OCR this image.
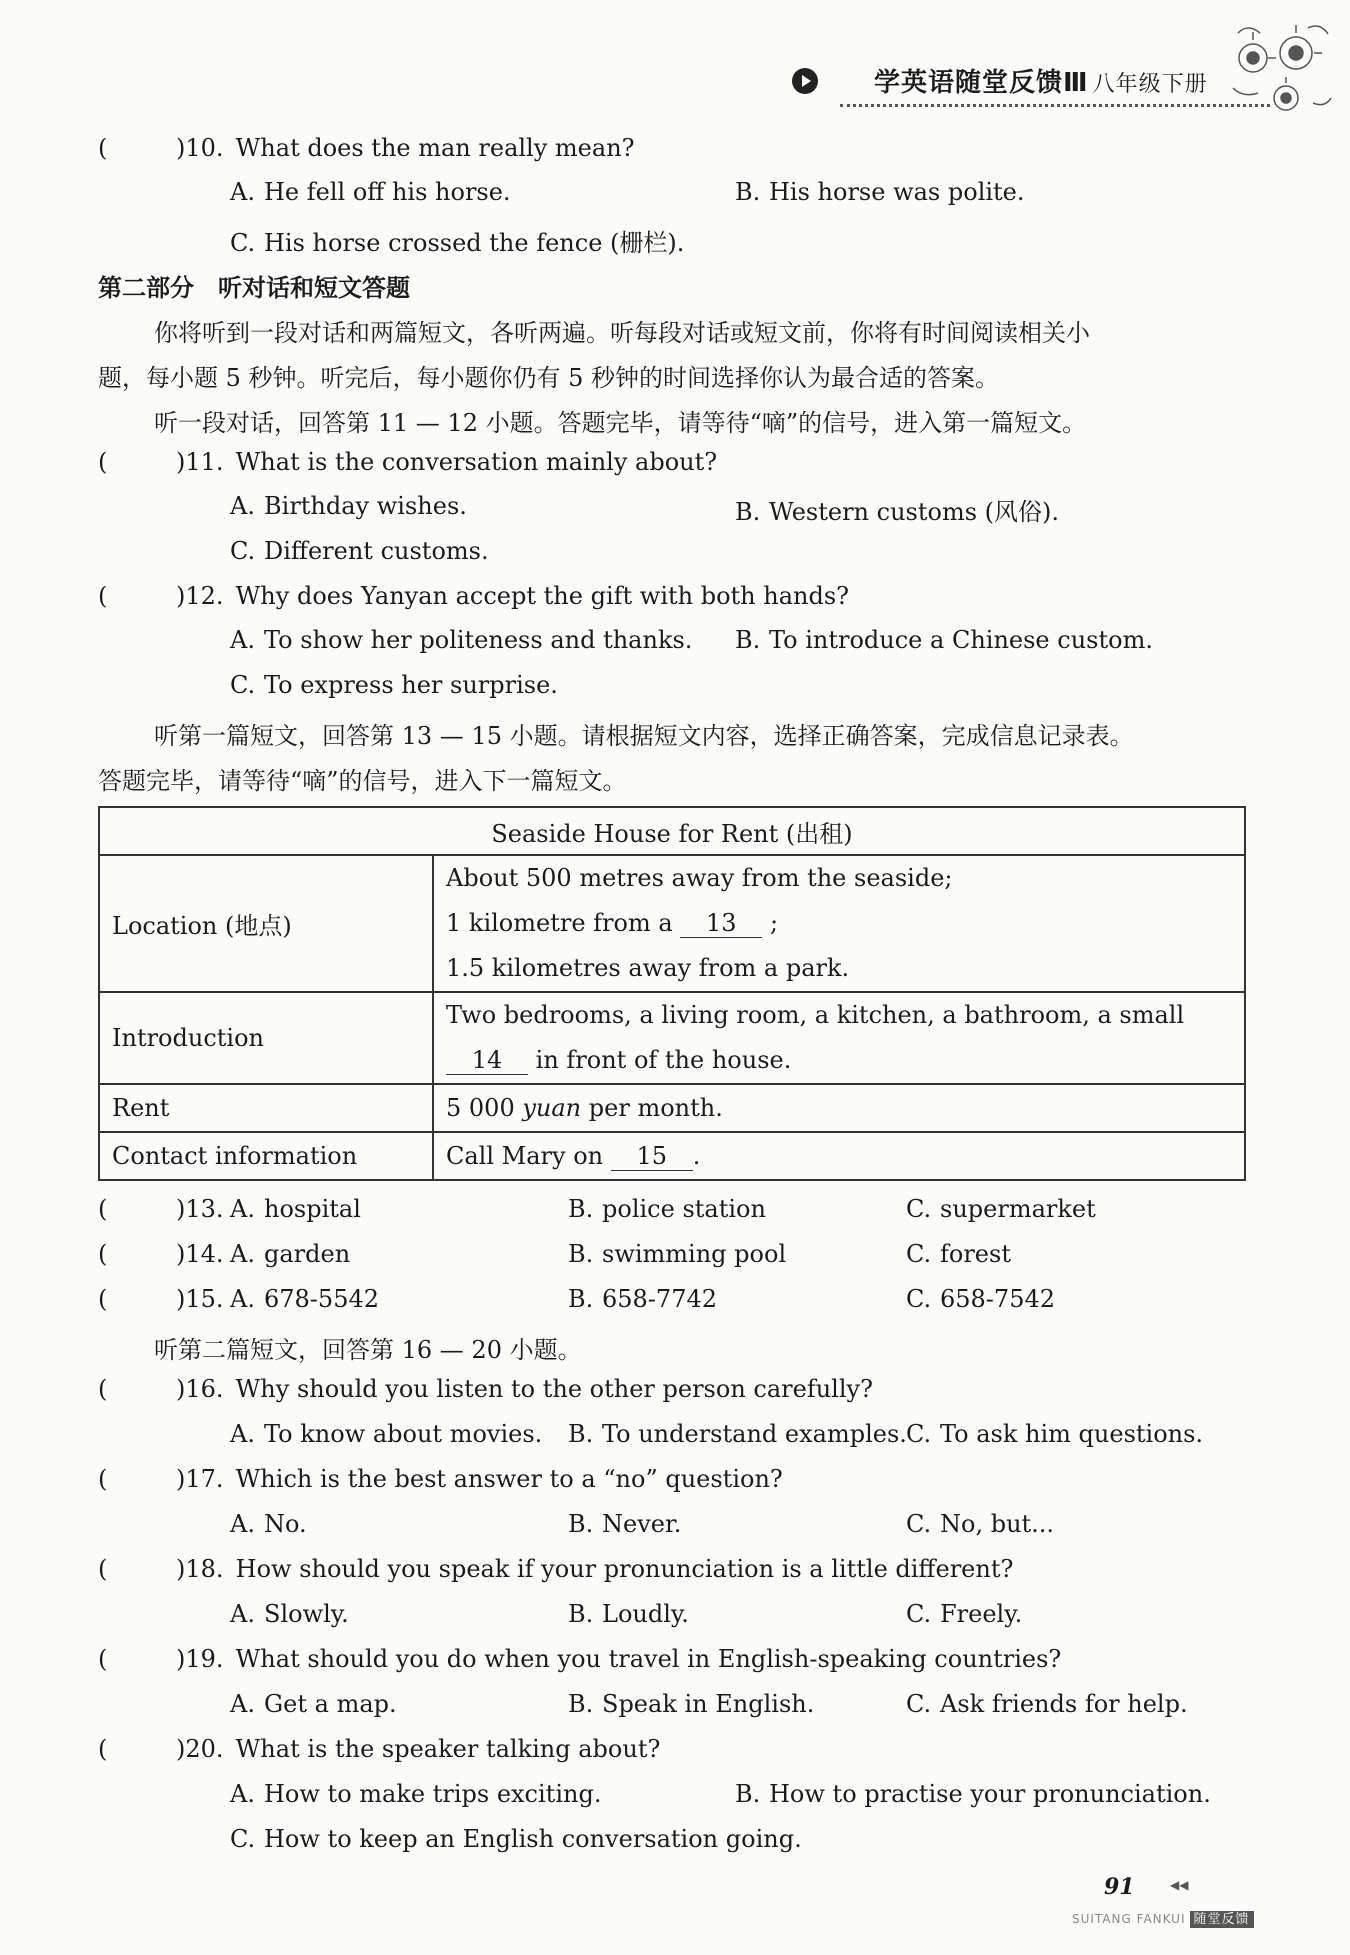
学英语随堂反馈Ⅲ 八年级下册
(	)10. What does the man really mean?
A. He fell off his horse.	B. His horse was polite.
C. His horse crossed the fence (栅栏).
第二部分　听对话和短文答题
你将听到一段对话和两篇短文，各听两遍。听每段对话或短文前，你将有时间阅读相关小
题，每小题 5 秒钟。听完后，每小题你仍有 5 秒钟的时间选择你认为最合适的答案。
听一段对话，回答第 11 — 12 小题。答题完毕，请等待“嘀”的信号，进入第一篇短文。
(	)11. What is the conversation mainly about?
A. Birthday wishes.	B. Western customs (风俗).
C. Different customs.
(	)12. Why does Yanyan accept the gift with both hands?
A. To show her politeness and thanks. B. To introduce a Chinese custom.
C. To express her surprise.
听第一篇短文，回答第 13 — 15 小题。请根据短文内容，选择正确答案，完成信息记录表。
答题完毕，请等待“嘀”的信号，进入下一篇短文。
Seaside House for Rent (出租)	
Location (地点)	About 500 metres away from the seaside;
1 kilometre from a 13 ;
1.5 kilometres away from a park.

Introduction	Two bedrooms, a living room, a kitchen, a bathroom, a small
14 in front of the house.

Rent	5 000 yuan per month.
Contact information	Call Mary on 15 .
(	)13. A. hospital	B. police station	C. supermarket
(	)14. A. garden	B. swimming pool	C. forest
(	)15. A. 678-5542	B. 658-7742	C. 658-7542
听第二篇短文，回答第 16 — 20 小题。
(	)16. Why should you listen to the other person carefully?
A. To know about movies. B. To understand examples. C. To ask him questions.
(	)17. Which is the best answer to a “no” question?
A. No.	B. Never.	C. No, but...
(	)18. How should you speak if your pronunciation is a little different?
A. Slowly.	B. Loudly.	C. Freely.
(	)19. What should you do when you travel in English-speaking countries?
A. Get a map.	B. Speak in English.	C. Ask friends for help.
(	)20. What is the speaker talking about?
A. How to make trips exciting.	B. How to practise your pronunciation.
C. How to keep an English conversation going.
91	◀◀
SUITANG FANKUI 随堂反馈
